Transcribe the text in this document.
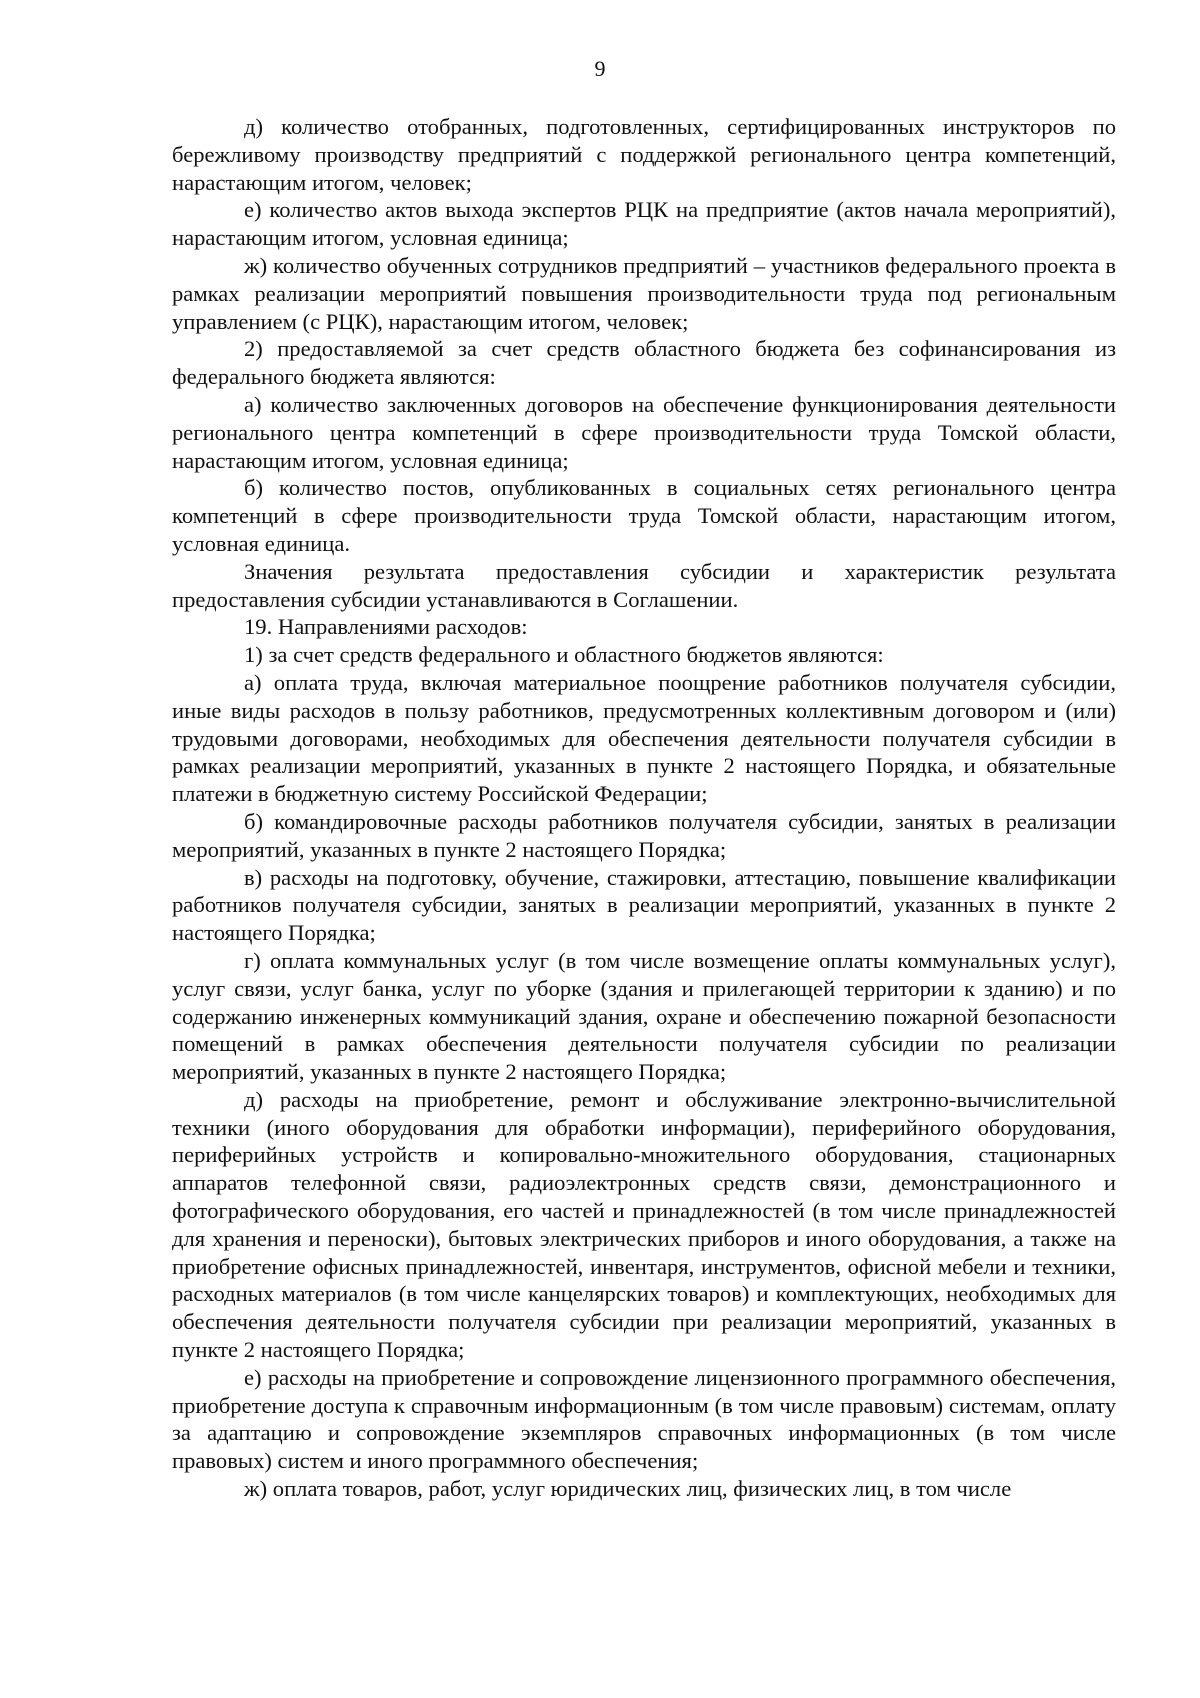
9

д) количество отобранных, подготовленных, сертифицированных инструкторов по бережливому производству предприятий с поддержкой регионального центра компетенций, нарастающим итогом, человек;

е) количество актов выхода экспертов РЦК на предприятие (актов начала мероприятий), нарастающим итогом, условная единица;

ж) количество обученных сотрудников предприятий – участников федерального проекта в рамках реализации мероприятий повышения производительности труда под региональным управлением (с РЦК), нарастающим итогом, человек;

2) предоставляемой за счет средств областного бюджета без софинансирования из федерального бюджета являются:

а) количество заключенных договоров на обеспечение функционирования деятельности регионального центра компетенций в сфере производительности труда Томской области, нарастающим итогом, условная единица;

б) количество постов, опубликованных в социальных сетях регионального центра компетенций в сфере производительности труда Томской области, нарастающим итогом, условная единица.

Значения результата предоставления субсидии и характеристик результата предоставления субсидии устанавливаются в Соглашении.

19. Направлениями расходов:

1) за счет средств федерального и областного бюджетов являются:

а) оплата труда, включая материальное поощрение работников получателя субсидии, иные виды расходов в пользу работников, предусмотренных коллективным договором и (или) трудовыми договорами, необходимых для обеспечения деятельности получателя субсидии в рамках реализации мероприятий, указанных в пункте 2 настоящего Порядка, и обязательные платежи в бюджетную систему Российской Федерации;

б) командировочные расходы работников получателя субсидии, занятых в реализации мероприятий, указанных в пункте 2 настоящего Порядка;

в) расходы на подготовку, обучение, стажировки, аттестацию, повышение квалификации работников получателя субсидии, занятых в реализации мероприятий, указанных в пункте 2 настоящего Порядка;

г) оплата коммунальных услуг (в том числе возмещение оплаты коммунальных услуг), услуг связи, услуг банка, услуг по уборке (здания и прилегающей территории к зданию) и по содержанию инженерных коммуникаций здания, охране и обеспечению пожарной безопасности помещений в рамках обеспечения деятельности получателя субсидии по реализации мероприятий, указанных в пункте 2 настоящего Порядка;

д) расходы на приобретение, ремонт и обслуживание электронно-вычислительной техники (иного оборудования для обработки информации), периферийного оборудования, периферийных устройств и копировально-множительного оборудования, стационарных аппаратов телефонной связи, радиоэлектронных средств связи, демонстрационного и фотографического оборудования, его частей и принадлежностей (в том числе принадлежностей для хранения и переноски), бытовых электрических приборов и иного оборудования, а также на приобретение офисных принадлежностей, инвентаря, инструментов, офисной мебели и техники, расходных материалов (в том числе канцелярских товаров) и комплектующих, необходимых для обеспечения деятельности получателя субсидии при реализации мероприятий, указанных в пункте 2 настоящего Порядка;

е) расходы на приобретение и сопровождение лицензионного программного обеспечения, приобретение доступа к справочным информационным (в том числе правовым) системам, оплату за адаптацию и сопровождение экземпляров справочных информационных (в том числе правовых) систем и иного программного обеспечения;

ж) оплата товаров, работ, услуг юридических лиц, физических лиц, в том числе
